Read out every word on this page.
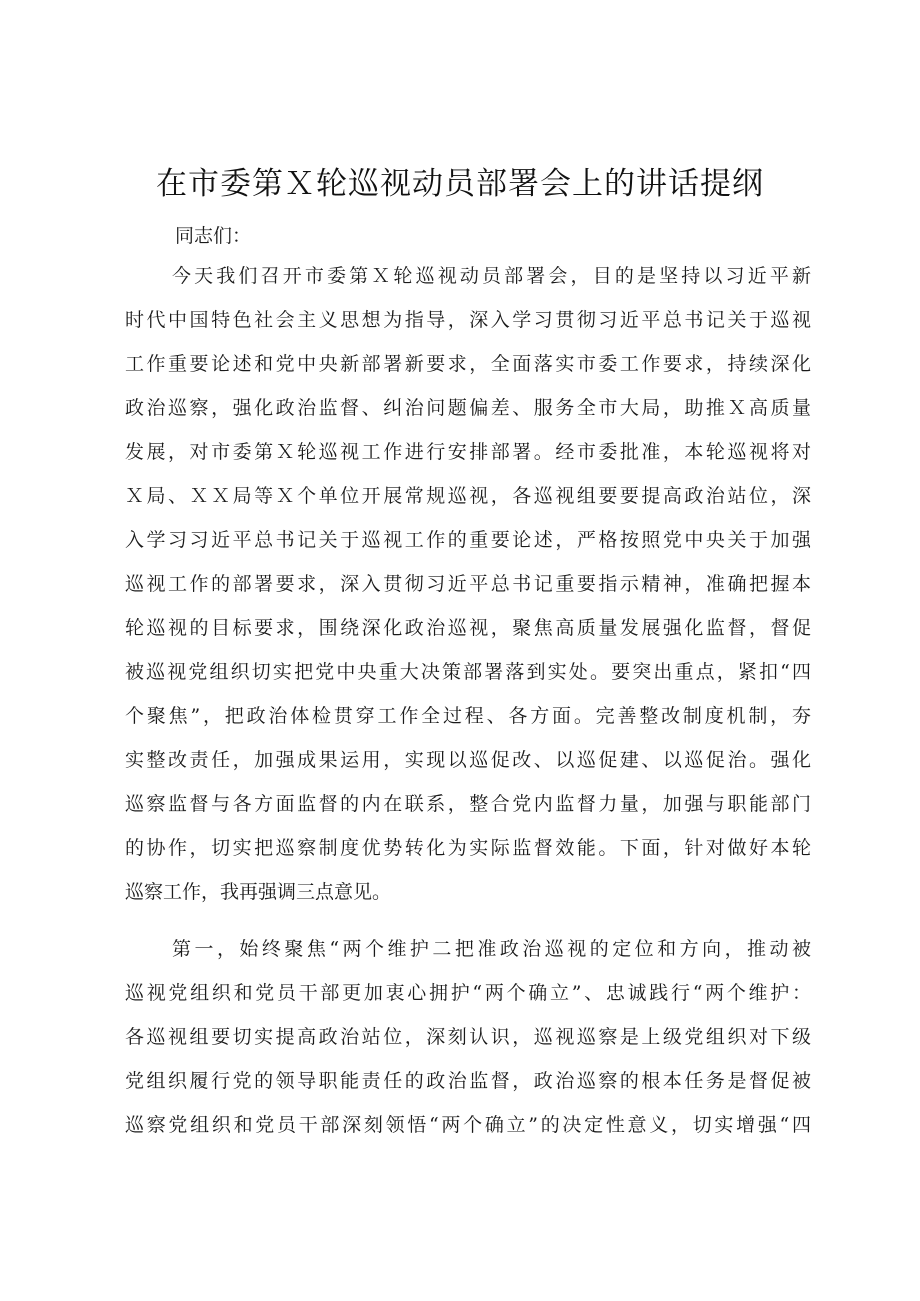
在市委第Ｘ轮巡视动员部署会上的讲话提纲

同志们：

今天我们召开市委第Ｘ轮巡视动员部署会，目的是坚持以习近平新
时代中国特色社会主义思想为指导，深入学习贯彻习近平总书记关于巡视
工作重要论述和党中央新部署新要求，全面落实市委工作要求，持续深化
政治巡察，强化政治监督、纠治问题偏差、服务全市大局，助推Ｘ高质量
发展，对市委第Ｘ轮巡视工作进行安排部署。经市委批准，本轮巡视将对
Ｘ局、ＸＸ局等Ｘ个单位开展常规巡视，各巡视组要要提高政治站位，深
入学习习近平总书记关于巡视工作的重要论述，严格按照党中央关于加强
巡视工作的部署要求，深入贯彻习近平总书记重要指示精神，准确把握本
轮巡视的目标要求，围绕深化政治巡视，聚焦高质量发展强化监督，督促
被巡视党组织切实把党中央重大决策部署落到实处。要突出重点，紧扣“四
个聚焦”，把政治体检贯穿工作全过程、各方面。完善整改制度机制，夯
实整改责任，加强成果运用，实现以巡促改、以巡促建、以巡促治。强化
巡察监督与各方面监督的内在联系，整合党内监督力量，加强与职能部门
的协作，切实把巡察制度优势转化为实际监督效能。下面，针对做好本轮
巡察工作，我再强调三点意见。
第一，始终聚焦“两个维护二把准政治巡视的定位和方向，推动被
巡视党组织和党员干部更加衷心拥护“两个确立”、忠诚践行“两个维护：
各巡视组要切实提高政治站位，深刻认识，巡视巡察是上级党组织对下级
党组织履行党的领导职能责任的政治监督，政治巡察的根本任务是督促被
巡察党组织和党员干部深刻领悟“两个确立”的决定性意义，切实增强“四
